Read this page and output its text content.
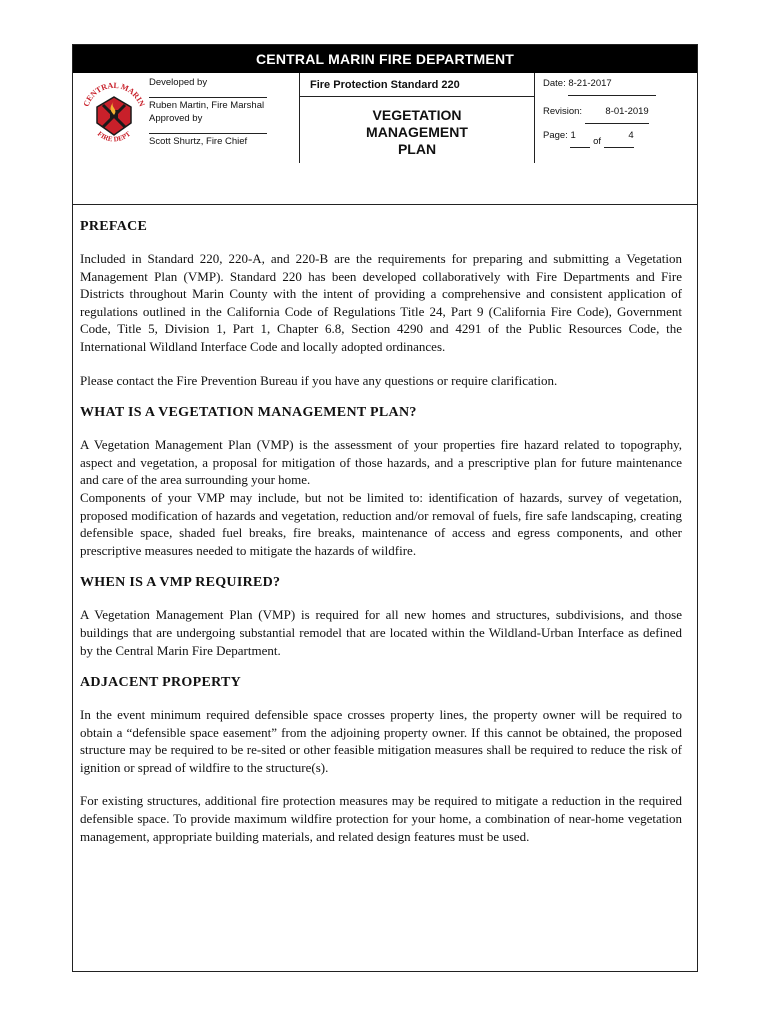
CENTRAL MARIN FIRE DEPARTMENT
CENTRAL MARIN
FIRE DEPT
Developed by
Ruben Martin, Fire Marshal
Approved by
Scott Shurtz, Fire Chief
Fire Protection Standard 220
VEGETATION MANAGEMENT PLAN
Date: 8-21-2017
Revision: 8-01-2019
Page: 1 of 4
PREFACE

Included in Standard 220, 220-A, and 220-B are the requirements for preparing and submitting a Vegetation Management Plan (VMP). Standard 220 has been developed collaboratively with Fire Departments and Fire Districts throughout Marin County with the intent of providing a comprehensive and consistent application of regulations outlined in the California Code of Regulations Title 24, Part 9 (California Fire Code), Government Code, Title 5, Division 1, Part 1, Chapter 6.8, Section 4290 and 4291 of the Public Resources Code, the International Wildland Interface Code and locally adopted ordinances.

Please contact the Fire Prevention Bureau if you have any questions or require clarification.

WHAT IS A VEGETATION MANAGEMENT PLAN?

A Vegetation Management Plan (VMP) is the assessment of your properties fire hazard related to topography, aspect and vegetation, a proposal for mitigation of those hazards, and a prescriptive plan for future maintenance and care of the area surrounding your home.

Components of your VMP may include, but not be limited to: identification of hazards, survey of vegetation, proposed modification of hazards and vegetation, reduction and/or removal of fuels, fire safe landscaping, creating defensible space, shaded fuel breaks, fire breaks, maintenance of access and egress components, and other prescriptive measures needed to mitigate the hazards of wildfire.

WHEN IS A VMP REQUIRED?

A Vegetation Management Plan (VMP) is required for all new homes and structures, subdivisions, and those buildings that are undergoing substantial remodel that are located within the Wildland-Urban Interface as defined by the Central Marin Fire Department.

ADJACENT PROPERTY

In the event minimum required defensible space crosses property lines, the property owner will be required to obtain a “defensible space easement” from the adjoining property owner. If this cannot be obtained, the proposed structure may be required to be re-sited or other feasible mitigation measures shall be required to reduce the risk of ignition or spread of wildfire to the structure(s).

For existing structures, additional fire protection measures may be required to mitigate a reduction in the required defensible space. To provide maximum wildfire protection for your home, a combination of near-home vegetation management, appropriate building materials, and related design features must be used.
